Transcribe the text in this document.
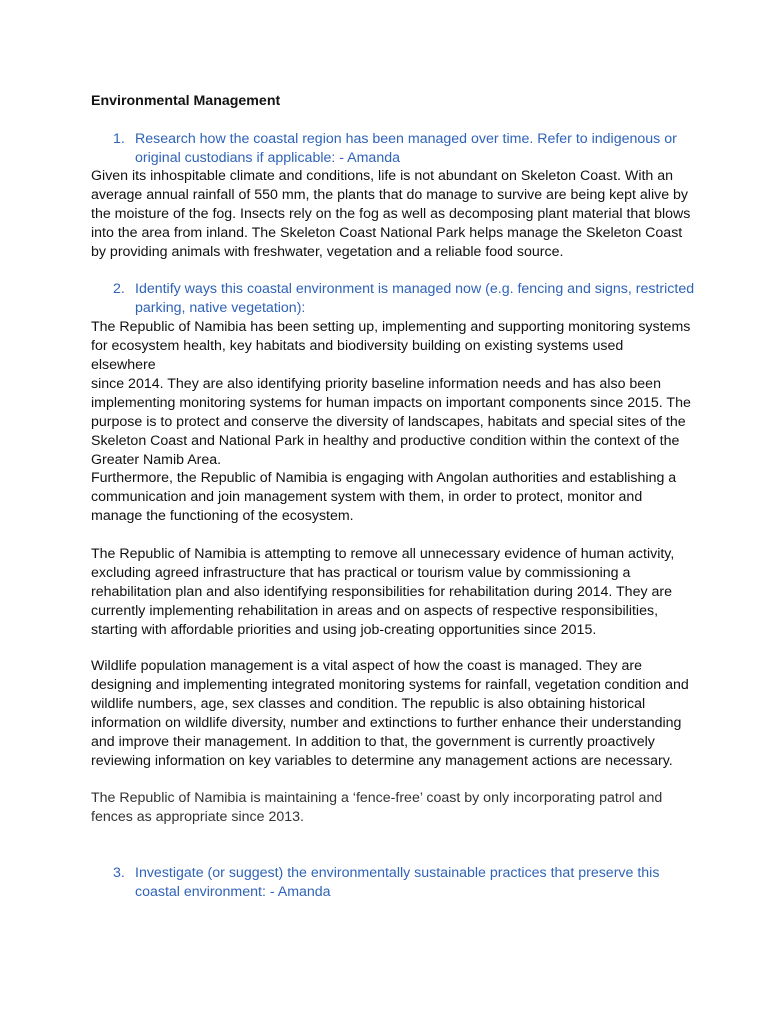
Environmental Management
1. Research how the coastal region has been managed over time. Refer to indigenous or original custodians if applicable: - Amanda
Given its inhospitable climate and conditions, life is not abundant on Skeleton Coast. With an
average annual rainfall of 550 mm, the plants that do manage to survive are being kept alive by
the moisture of the fog. Insects rely on the fog as well as decomposing plant material that blows
into the area from inland. The Skeleton Coast National Park helps manage the Skeleton Coast
by providing animals with freshwater, vegetation and a reliable food source.
2. Identify ways this coastal environment is managed now (e.g. fencing and signs, restricted parking, native vegetation):
The Republic of Namibia has been setting up, implementing and supporting monitoring systems
for ecosystem health, key habitats and biodiversity building on existing systems used elsewhere
since 2014. They are also identifying priority baseline information needs and has also been
implementing monitoring systems for human impacts on important components since 2015. The
purpose is to protect and conserve the diversity of landscapes, habitats and special sites of the
Skeleton Coast and National Park in healthy and productive condition within the context of the
Greater Namib Area.
Furthermore, the Republic of Namibia is engaging with Angolan authorities and establishing a
communication and join management system with them, in order to protect, monitor and
manage the functioning of the ecosystem.
The Republic of Namibia is attempting to remove all unnecessary evidence of human activity,
excluding agreed infrastructure that has practical or tourism value by commissioning a
rehabilitation plan and also identifying responsibilities for rehabilitation during 2014. They are
currently implementing rehabilitation in areas and on aspects of respective responsibilities,
starting with affordable priorities and using job-creating opportunities since 2015.
Wildlife population management is a vital aspect of how the coast is managed. They are
designing and implementing integrated monitoring systems for rainfall, vegetation condition and
wildlife numbers, age, sex classes and condition. The republic is also obtaining historical
information on wildlife diversity, number and extinctions to further enhance their understanding
and improve their management. In addition to that, the government is currently proactively
reviewing information on key variables to determine any management actions are necessary.
The Republic of Namibia is maintaining a ‘fence-free’ coast by only incorporating patrol and
fences as appropriate since 2013.
3. Investigate (or suggest) the environmentally sustainable practices that preserve this coastal environment: - Amanda
